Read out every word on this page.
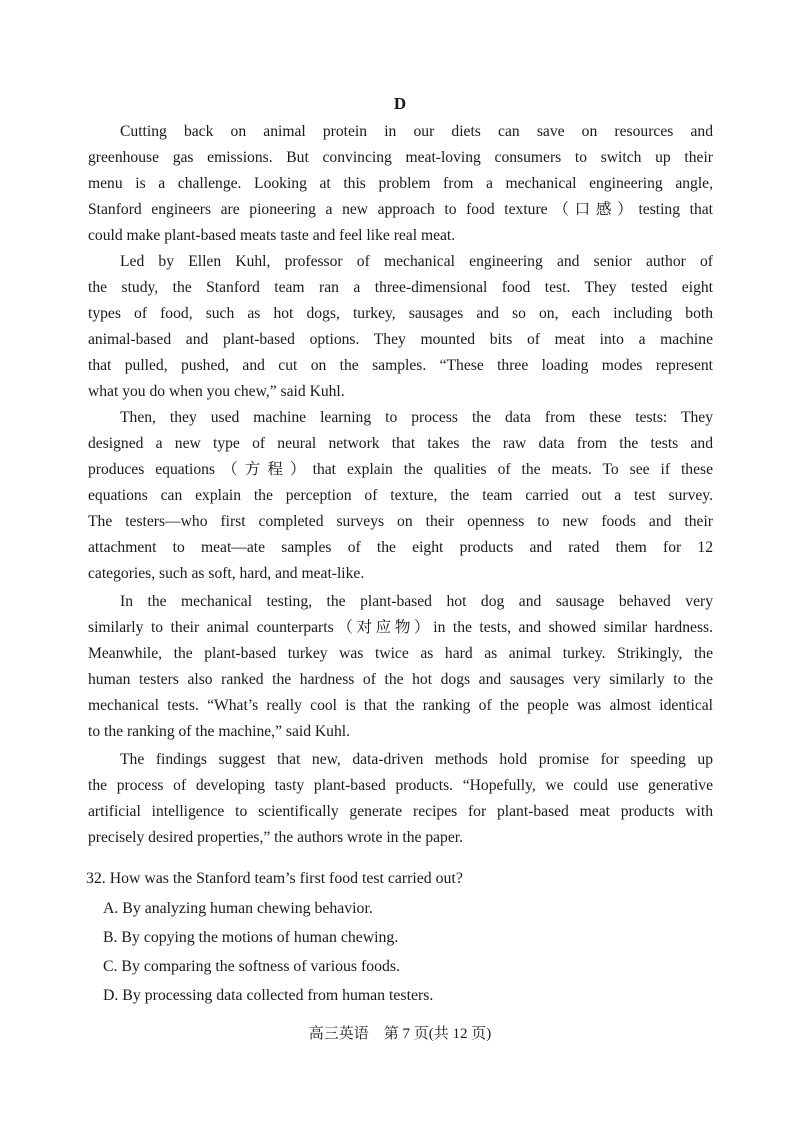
D
Cutting back on animal protein in our diets can save on resources and
greenhouse gas emissions. But convincing meat-loving consumers to switch up their
menu is a challenge. Looking at this problem from a mechanical engineering angle,
Stanford engineers are pioneering a new approach to food texture（口感）testing that
could make plant-based meats taste and feel like real meat.
Led by Ellen Kuhl, professor of mechanical engineering and senior author of
the study, the Stanford team ran a three-dimensional food test. They tested eight
types of food, such as hot dogs, turkey, sausages and so on, each including both
animal-based and plant-based options. They mounted bits of meat into a machine
that pulled, pushed, and cut on the samples. “These three loading modes represent
what you do when you chew,” said Kuhl.
Then, they used machine learning to process the data from these tests: They
designed a new type of neural network that takes the raw data from the tests and
produces equations（方程）that explain the qualities of the meats. To see if these
equations can explain the perception of texture, the team carried out a test survey.
The testers—who first completed surveys on their openness to new foods and their
attachment to meat—ate samples of the eight products and rated them for 12
categories, such as soft, hard, and meat-like.
In the mechanical testing, the plant-based hot dog and sausage behaved very
similarly to their animal counterparts（对应物）in the tests, and showed similar hardness.
Meanwhile, the plant-based turkey was twice as hard as animal turkey. Strikingly, the
human testers also ranked the hardness of the hot dogs and sausages very similarly to the
mechanical tests. “What’s really cool is that the ranking of the people was almost identical
to the ranking of the machine,” said Kuhl.
The findings suggest that new, data-driven methods hold promise for speeding up
the process of developing tasty plant-based products. “Hopefully, we could use generative
artificial intelligence to scientifically generate recipes for plant-based meat products with
precisely desired properties,” the authors wrote in the paper.
32. How was the Stanford team’s first food test carried out?
A. By analyzing human chewing behavior.
B. By copying the motions of human chewing.
C. By comparing the softness of various foods.
D. By processing data collected from human testers.
高三英语　第 7 页(共 12 页)
